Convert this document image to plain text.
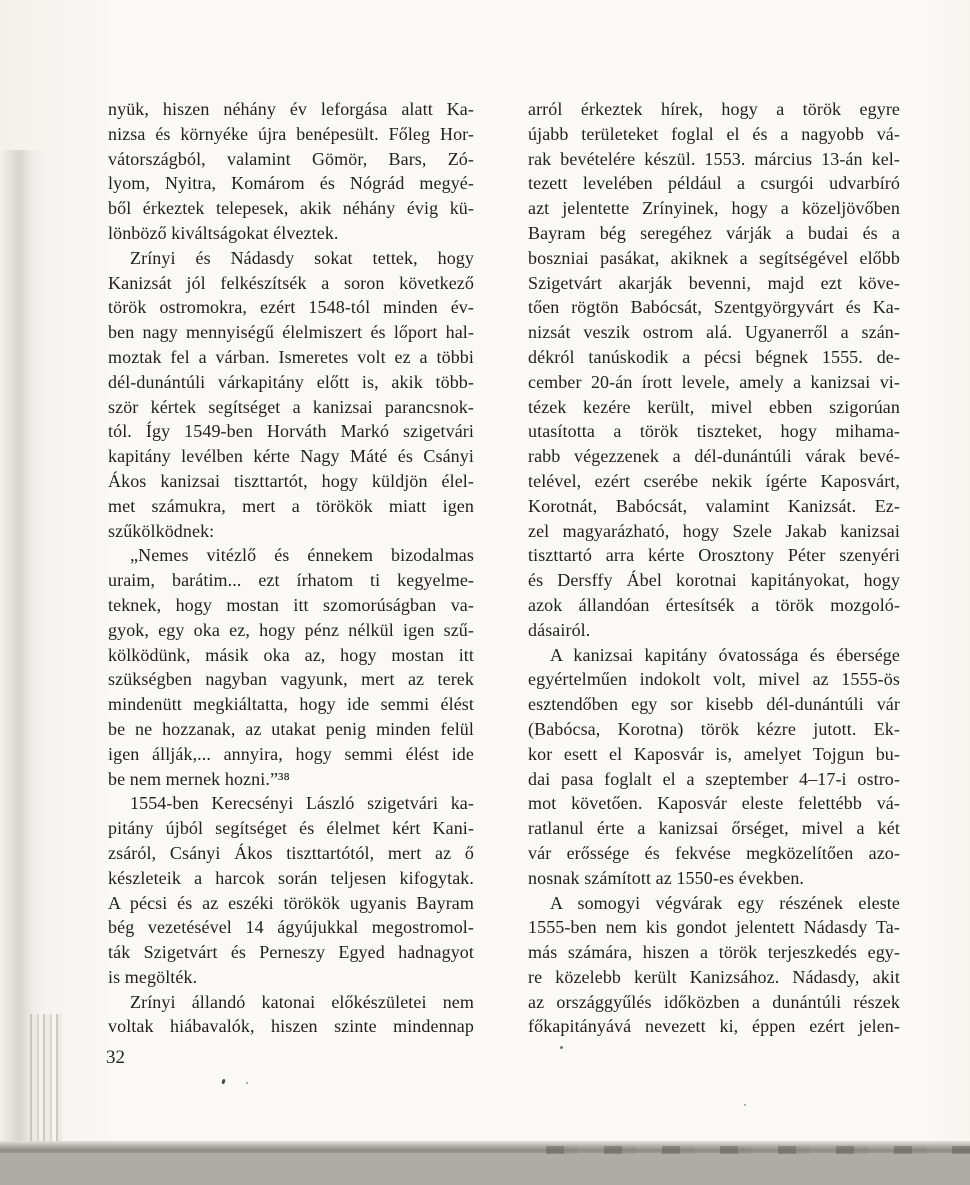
nyük, hiszen néhány év leforgása alatt Ka-
nizsa és környéke újra benépesült. Főleg Hor-
vátországból, valamint Gömör, Bars, Zó-
lyom, Nyitra, Komárom és Nógrád megyé-
ből érkeztek telepesek, akik néhány évig kü-
lönböző kiváltságokat élveztek.
Zrínyi és Nádasdy sokat tettek, hogy
Kanizsát jól felkészítsék a soron következő
török ostromokra, ezért 1548-tól minden év-
ben nagy mennyiségű élelmiszert és lőport hal-
moztak fel a várban. Ismeretes volt ez a többi
dél-dunántúli várkapitány előtt is, akik több-
ször kértek segítséget a kanizsai parancsnok-
tól. Így 1549-ben Horváth Markó szigetvári
kapitány levélben kérte Nagy Máté és Csányi
Ákos kanizsai tiszttartót, hogy küldjön élel-
met számukra, mert a törökök miatt igen
szűkölködnek:
„Nemes vitézlő és énnekem bizodalmas
uraim, barátim... ezt írhatom ti kegyelme-
teknek, hogy mostan itt szomorúságban va-
gyok, egy oka ez, hogy pénz nélkül igen szű-
kölködünk, másik oka az, hogy mostan itt
szükségben nagyban vagyunk, mert az terek
mindenütt megkiáltatta, hogy ide semmi élést
be ne hozzanak, az utakat penig minden felül
igen állják,... annyira, hogy semmi élést ide
be nem mernek hozni.”³⁸
1554-ben Kerecsényi László szigetvári ka-
pitány újból segítséget és élelmet kért Kani-
zsáról, Csányi Ákos tiszttartótól, mert az ő
készleteik a harcok során teljesen kifogytak.
A pécsi és az eszéki törökök ugyanis Bayram
bég vezetésével 14 ágyújukkal megostromol-
ták Szigetvárt és Perneszy Egyed hadnagyot
is megölték.
Zrínyi állandó katonai előkészületei nem
voltak hiábavalók, hiszen szinte mindennap
arról érkeztek hírek, hogy a török egyre
újabb területeket foglal el és a nagyobb vá-
rak bevételére készül. 1553. március 13-án kel-
tezett levelében például a csurgói udvarbíró
azt jelentette Zrínyinek, hogy a közeljövőben
Bayram bég seregéhez várják a budai és a
boszniai pasákat, akiknek a segítségével előbb
Szigetvárt akarják bevenni, majd ezt köve-
tően rögtön Babócsát, Szentgyörgyvárt és Ka-
nizsát veszik ostrom alá. Ugyanerről a szán-
dékról tanúskodik a pécsi bégnek 1555. de-
cember 20-án írott levele, amely a kanizsai vi-
tézek kezére került, mivel ebben szigorúan
utasította a török tiszteket, hogy mihama-
rabb végezzenek a dél-dunántúli várak bevé-
telével, ezért cserébe nekik ígérte Kaposvárt,
Korotnát, Babócsát, valamint Kanizsát. Ez-
zel magyarázható, hogy Szele Jakab kanizsai
tiszttartó arra kérte Orosztony Péter szenyéri
és Dersffy Ábel korotnai kapitányokat, hogy
azok állandóan értesítsék a török mozgoló-
dásairól.
A kanizsai kapitány óvatossága és ébersége
egyértelműen indokolt volt, mivel az 1555-ös
esztendőben egy sor kisebb dél-dunántúli vár
(Babócsa, Korotna) török kézre jutott. Ek-
kor esett el Kaposvár is, amelyet Tojgun bu-
dai pasa foglalt el a szeptember 4–17-i ostro-
mot követően. Kaposvár eleste felettébb vá-
ratlanul érte a kanizsai őrséget, mivel a két
vár erőssége és fekvése megközelítően azo-
nosnak számított az 1550-es években.
A somogyi végvárak egy részének eleste
1555-ben nem kis gondot jelentett Nádasdy Ta-
más számára, hiszen a török terjeszkedés egy-
re közelebb került Kanizsához. Nádasdy, akit
az országgyűlés időközben a dunántúli részek
főkapitányává nevezett ki, éppen ezért jelen-
32
